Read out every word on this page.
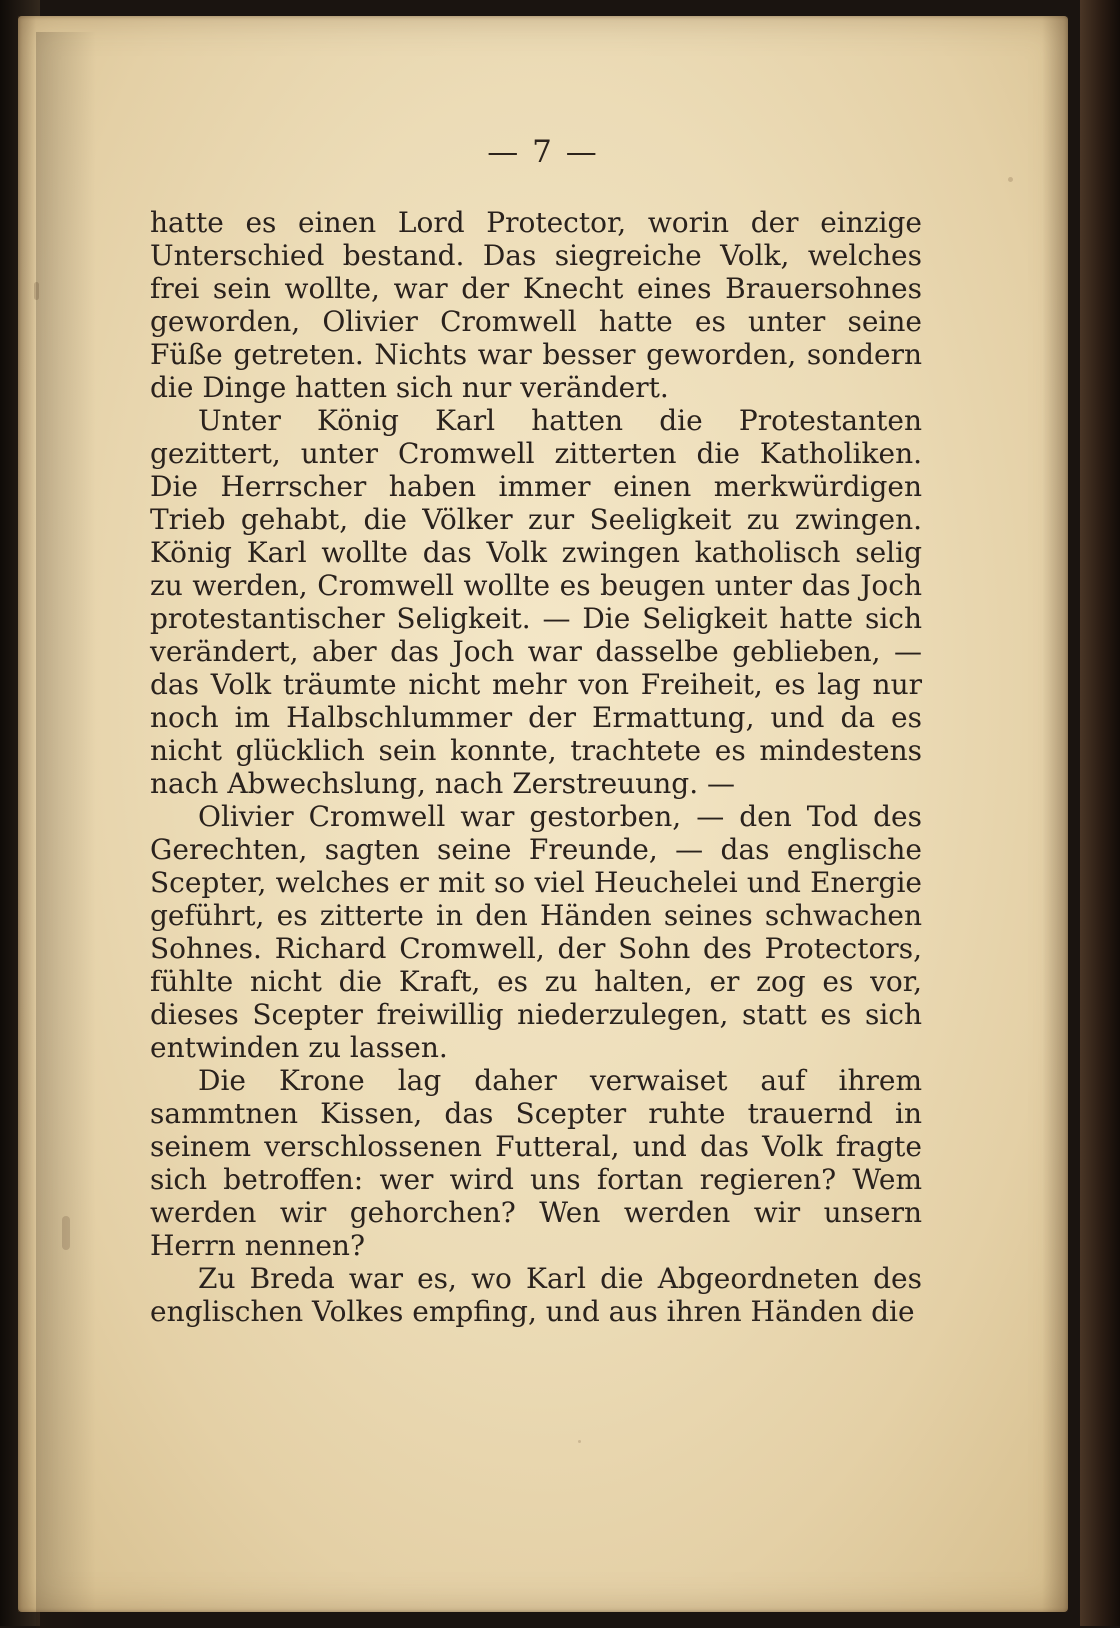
— 7 —

hatte es einen Lord Protector, worin der einzige Unterschied bestand. Das siegreiche Volk, welches frei sein wollte, war der Knecht eines Brauersohnes geworden, Olivier Cromwell hatte es unter seine Füße getreten. Nichts war besser geworden, sondern die Dinge hatten sich nur verändert.

Unter König Karl hatten die Protestanten gezittert, unter Cromwell zitterten die Katholiken. Die Herrscher haben immer einen merkwürdigen Trieb gehabt, die Völker zur Seeligkeit zu zwingen. König Karl wollte das Volk zwingen katholisch selig zu werden, Cromwell wollte es beugen unter das Joch protestantischer Seligkeit. — Die Seligkeit hatte sich verändert, aber das Joch war dasselbe geblieben, — das Volk träumte nicht mehr von Freiheit, es lag nur noch im Halbschlummer der Ermattung, und da es nicht glücklich sein konnte, trachtete es mindestens nach Abwechslung, nach Zerstreuung. —

Olivier Cromwell war gestorben, — den Tod des Gerechten, sagten seine Freunde, — das englische Scepter, welches er mit so viel Heuchelei und Energie geführt, es zitterte in den Händen seines schwachen Sohnes. Richard Cromwell, der Sohn des Protectors, fühlte nicht die Kraft, es zu halten, er zog es vor, dieses Scepter freiwillig niederzulegen, statt es sich entwinden zu lassen.

Die Krone lag daher verwaiset auf ihrem sammtnen Kissen, das Scepter ruhte trauernd in seinem verschlossenen Futteral, und das Volk fragte sich betroffen: wer wird uns fortan regieren? Wem werden wir gehorchen? Wen werden wir unsern Herrn nennen?

Zu Breda war es, wo Karl die Abgeordneten des englischen Volkes empfing, und aus ihren Händen die
